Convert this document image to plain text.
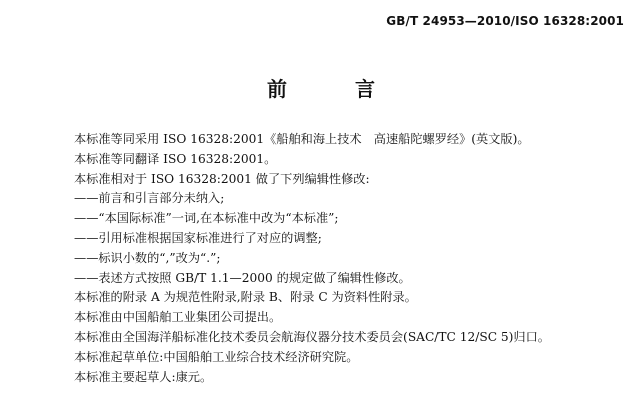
GB/T 24953—2010/ISO 16328:2001
前　言
本标准等同采用 ISO 16328:2001《船舶和海上技术　高速船陀螺罗经》(英文版)。
本标准等同翻译 ISO 16328:2001。
本标准相对于 ISO 16328:2001 做了下列编辑性修改:
——前言和引言部分未纳入;
——“本国际标准”一词,在本标准中改为“本标准”;
——引用标准根据国家标准进行了对应的调整;
——标识小数的“,”改为“.”;
——表述方式按照 GB/T 1.1—2000 的规定做了编辑性修改。
本标准的附录 A 为规范性附录,附录 B、附录 C 为资料性附录。
本标准由中国船舶工业集团公司提出。
本标准由全国海洋船标准化技术委员会航海仪器分技术委员会(SAC/TC 12/SC 5)归口。
本标准起草单位:中国船舶工业综合技术经济研究院。
本标准主要起草人:康元。
